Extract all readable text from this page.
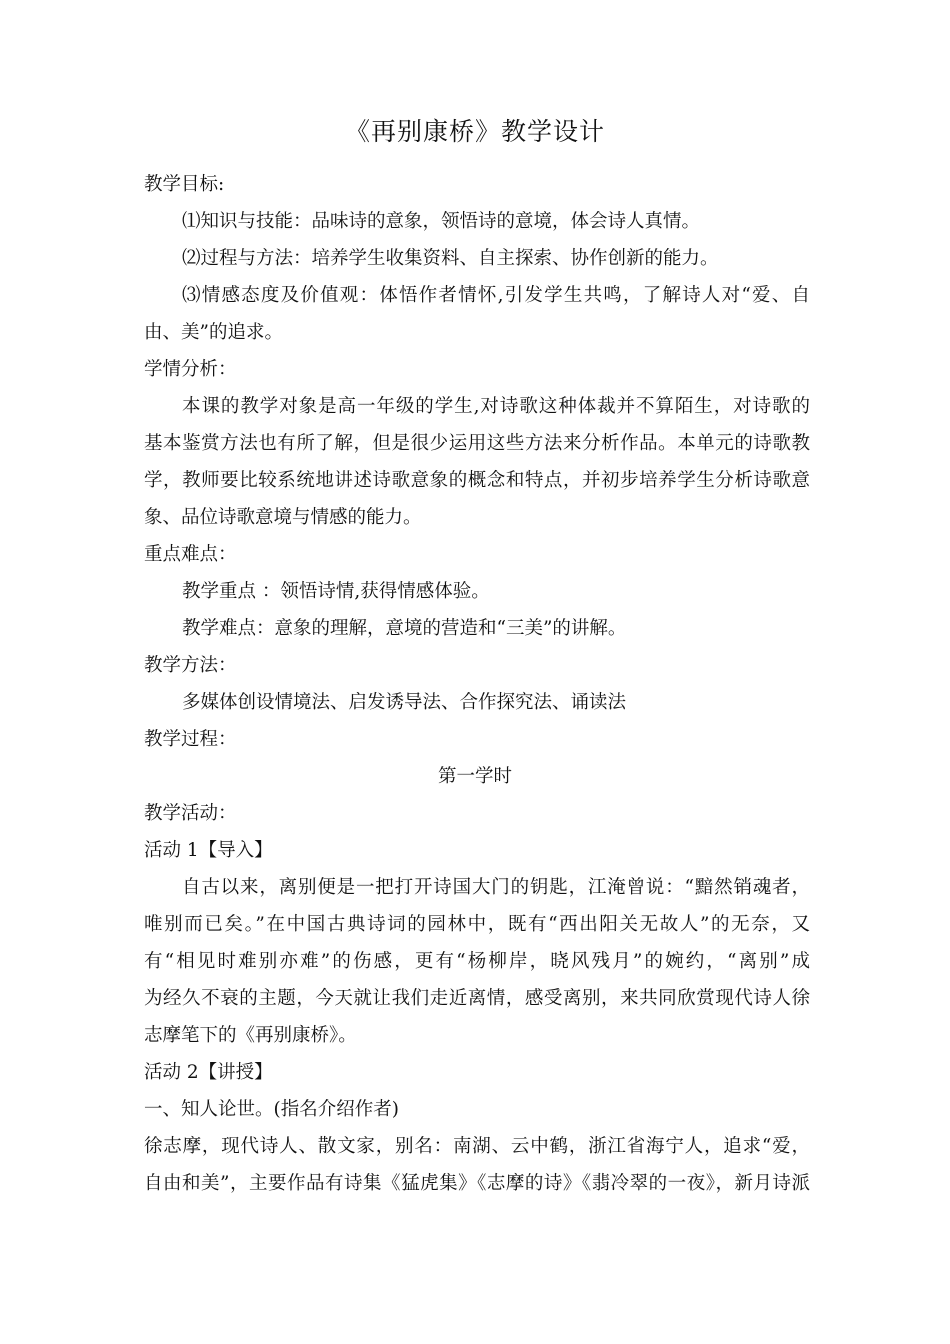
《再别康桥》教学设计
教学目标:
⑴知识与技能：品味诗的意象，领悟诗的意境，体会诗人真情。
⑵过程与方法：培养学生收集资料、自主探索、协作创新的能力。
⑶情感态度及价值观：体悟作者情怀,引发学生共鸣，了解诗人对“爱、自
由、美”的追求。
学情分析：
本课的教学对象是高一年级的学生,对诗歌这种体裁并不算陌生，对诗歌的
基本鉴赏方法也有所了解，但是很少运用这些方法来分析作品。本单元的诗歌教
学，教师要比较系统地讲述诗歌意象的概念和特点，并初步培养学生分析诗歌意
象、品位诗歌意境与情感的能力。
重点难点：
教学重点 ：领悟诗情,获得情感体验。
教学难点：意象的理解，意境的营造和“三美”的讲解。
教学方法：
多媒体创设情境法、启发诱导法、合作探究法、诵读法
教学过程：
第一学时
教学活动：
活动 1【导入】
自古以来，离别便是一把打开诗国大门的钥匙，江淹曾说：“黯然销魂者，
唯别而已矣。”在中国古典诗词的园林中，既有“西出阳关无故人”的无奈，又
有“相见时难别亦难”的伤感，更有“杨柳岸，晓风残月”的婉约，“离别”成
为经久不衰的主题，今天就让我们走近离情，感受离别，来共同欣赏现代诗人徐
志摩笔下的《再别康桥》。
活动 2【讲授】
一、知人论世。(指名介绍作者)
徐志摩，现代诗人、散文家，别名：南湖、云中鹤，浙江省海宁人，追求“爱，
自由和美”，主要作品有诗集《猛虎集》《志摩的诗》《翡冷翠的一夜》，新月诗派
